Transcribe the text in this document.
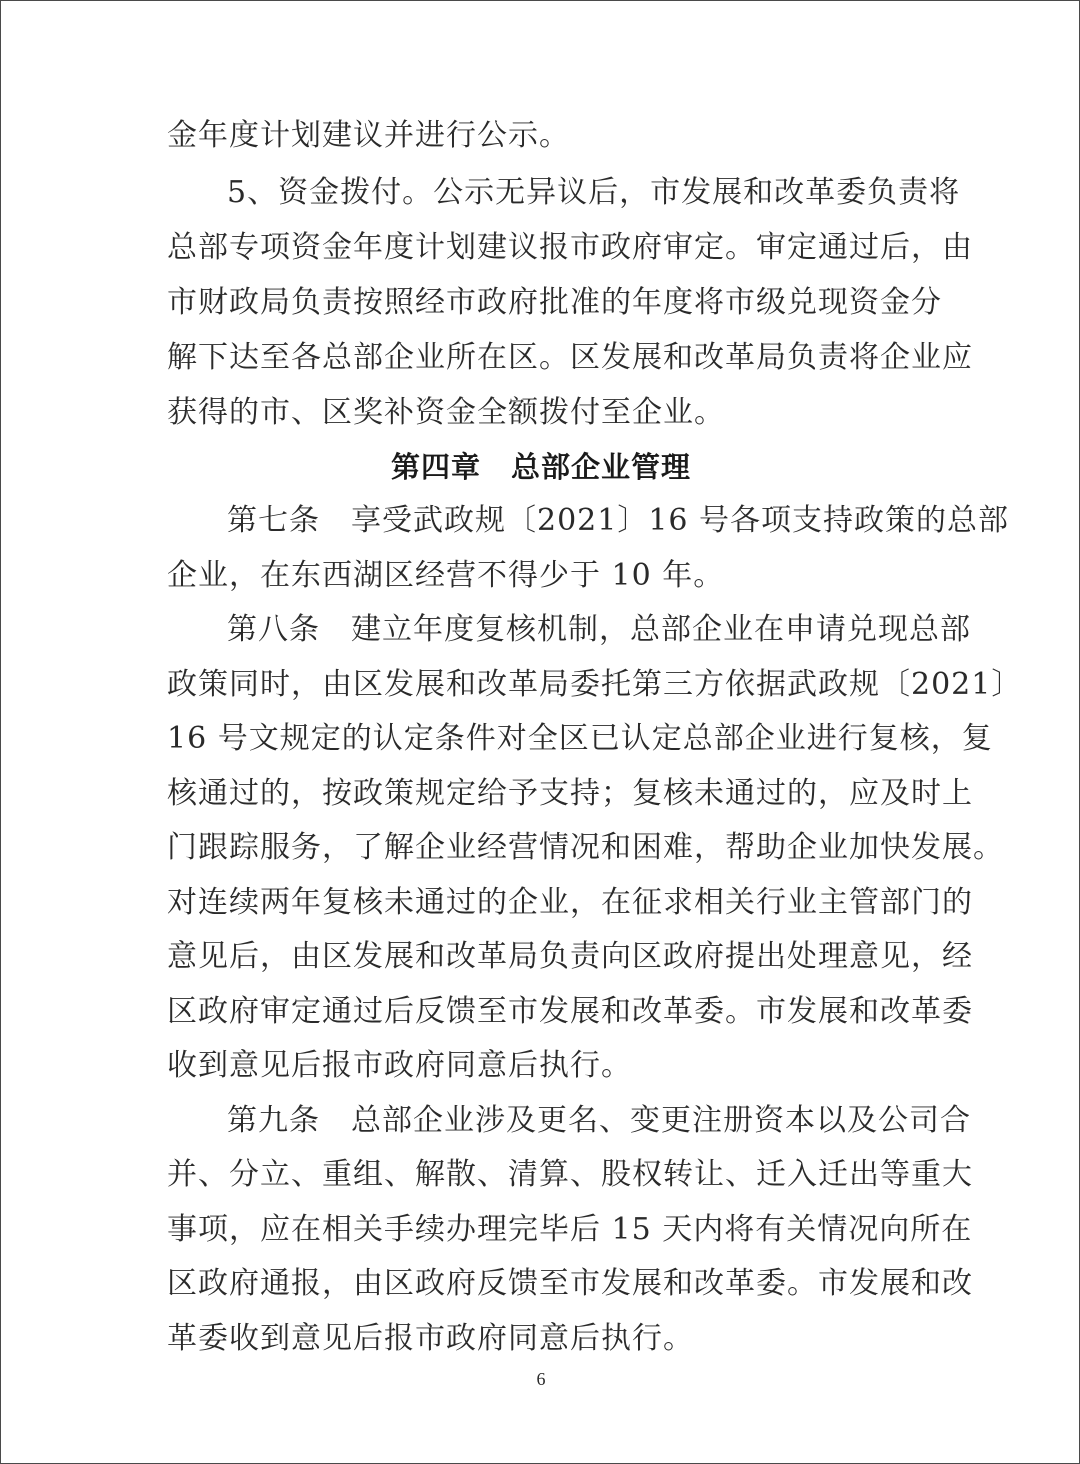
金年度计划建议并进行公示。
5、资金拨付。公示无异议后，市发展和改革委负责将
总部专项资金年度计划建议报市政府审定。审定通过后，由
市财政局负责按照经市政府批准的年度将市级兑现资金分
解下达至各总部企业所在区。区发展和改革局负责将企业应
获得的市、区奖补资金全额拨付至企业。
第四章　总部企业管理
第七条　享受武政规〔2021〕16 号各项支持政策的总部
企业，在东西湖区经营不得少于 10 年。
第八条　建立年度复核机制，总部企业在申请兑现总部
政策同时，由区发展和改革局委托第三方依据武政规〔2021〕
16 号文规定的认定条件对全区已认定总部企业进行复核，复
核通过的，按政策规定给予支持；复核未通过的，应及时上
门跟踪服务，了解企业经营情况和困难，帮助企业加快发展。
对连续两年复核未通过的企业，在征求相关行业主管部门的
意见后，由区发展和改革局负责向区政府提出处理意见，经
区政府审定通过后反馈至市发展和改革委。市发展和改革委
收到意见后报市政府同意后执行。
第九条　总部企业涉及更名、变更注册资本以及公司合
并、分立、重组、解散、清算、股权转让、迁入迁出等重大
事项，应在相关手续办理完毕后 15 天内将有关情况向所在
区政府通报，由区政府反馈至市发展和改革委。市发展和改
革委收到意见后报市政府同意后执行。
6
